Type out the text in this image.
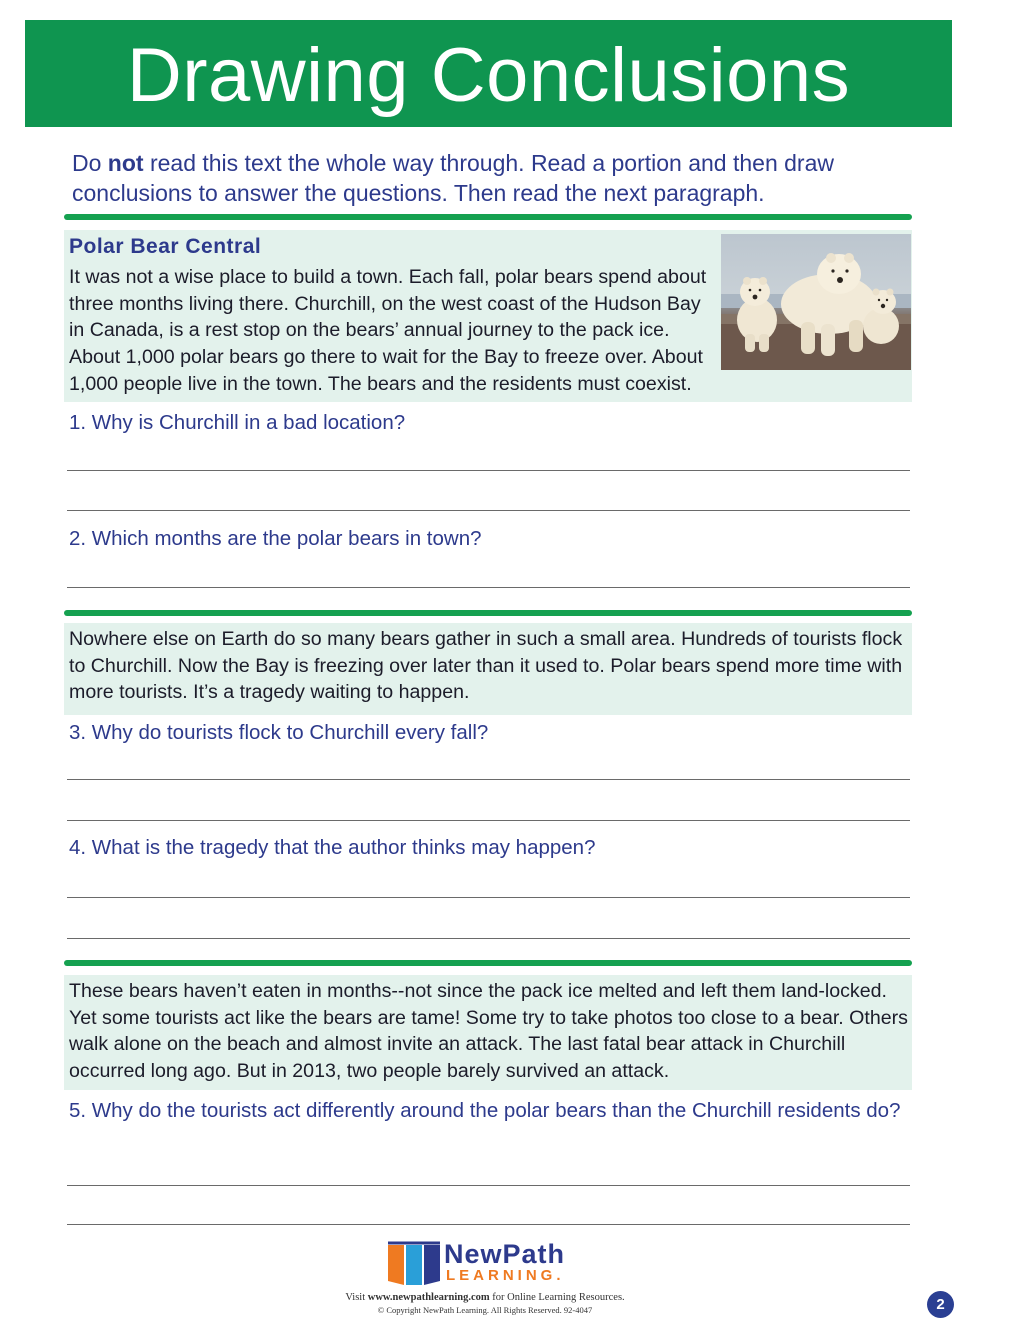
Drawing Conclusions
Do not read this text the whole way through. Read a portion and then draw conclusions to answer the questions. Then read the next paragraph.
Polar Bear Central
It was not a wise place to build a town. Each fall, polar bears spend about three months living there. Churchill, on the west coast of the Hudson Bay in Canada, is a rest stop on the bears’ annual journey to the pack ice. About 1,000 polar bears go there to wait for the Bay to freeze over. About 1,000 people live in the town. The bears and the residents must coexist.
1. Why is Churchill in a bad location?
2. Which months are the polar bears in town?
Nowhere else on Earth do so many bears gather in such a small area. Hundreds of tourists flock to Churchill. Now the Bay is freezing over later than it used to. Polar bears spend more time with more tourists. It’s a tragedy waiting to happen.
3. Why do tourists flock to Churchill every fall?
4. What is the tragedy that the author thinks may happen?
These bears haven’t eaten in months--not since the pack ice melted and left them land-locked. Yet some tourists act like the bears are tame! Some try to take photos too close to a bear. Others walk alone on the beach and almost invite an attack. The last fatal bear attack in Churchill occurred long ago. But in 2013, two people barely survived an attack.
5. Why do the tourists act differently around the polar bears than the Churchill residents do?
NewPath
LEARNING.
Visit www.newpathlearning.com for Online Learning Resources.
© Copyright NewPath Learning. All Rights Reserved. 92-4047	2
